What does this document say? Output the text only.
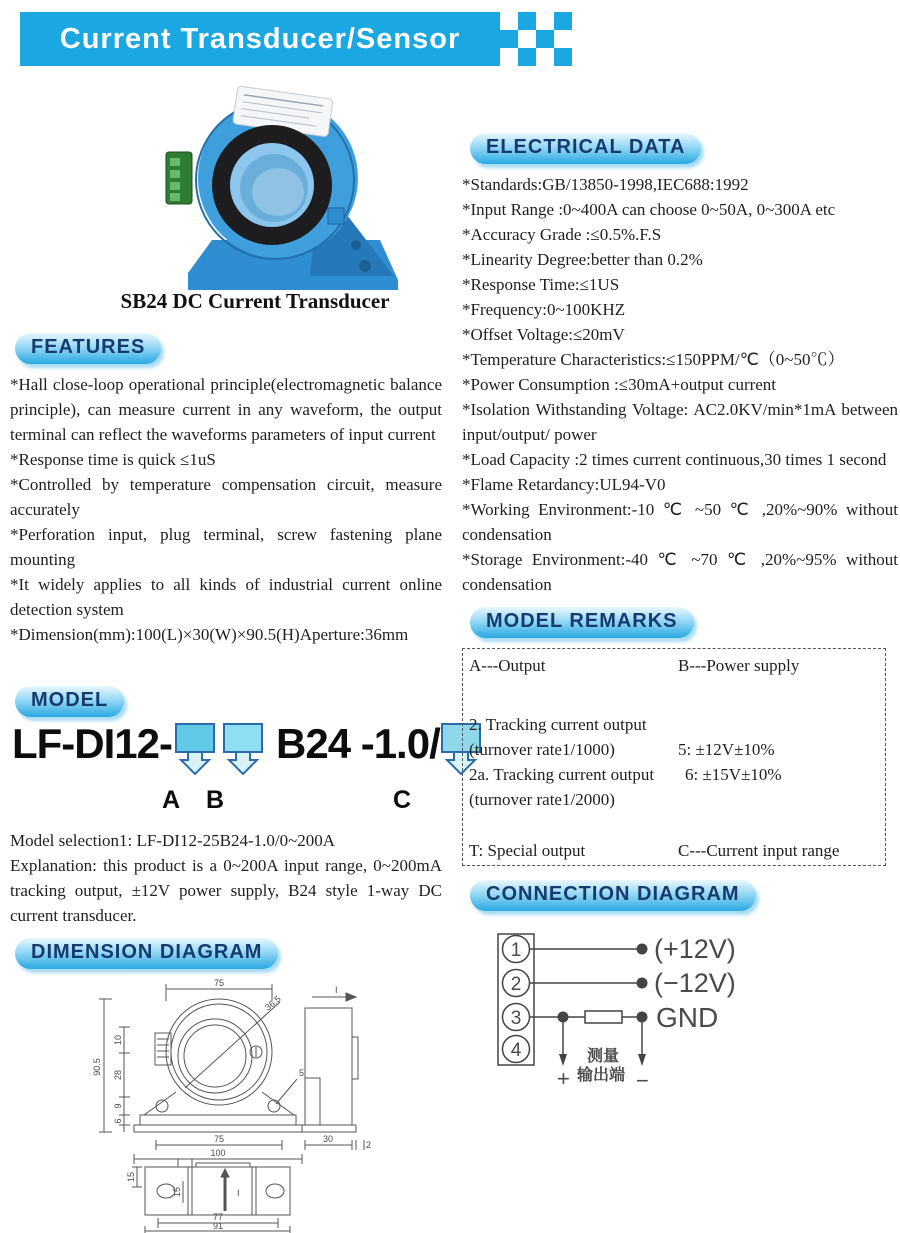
Current Transducer/Sensor
SB24 DC Current Transducer
FEATURES

*Hall close-loop operational principle(electromagnetic balance principle), can measure current in any waveform, the output terminal can reflect the waveforms parameters of input current

*Response time is quick ≤1uS

*Controlled by temperature compensation circuit, measure accurately

*Perforation input, plug terminal, screw fastening plane mounting

*It widely applies to all kinds of industrial current online detection system

*Dimension(mm):100(L)×30(W)×90.5(H)Aperture:36mm

MODEL
LF-DI12- B24 -1.0/
A B	C

Model selection1: LF-DI12-25B24-1.0/0~200A

Explanation: this product is a 0~200A input range, 0~200mA tracking output, ±12V power supply, B24 style 1-way DC current transducer.

DIMENSION DIAGRAM
75
36.5
90.5
10
28
9
6
75
100
5
I
30
2
15
15	I
77
91
ELECTRICAL DATA

*Standards:GB/13850-1998,IEC688:1992

*Input Range :0~400A can choose 0~50A, 0~300A etc

*Accuracy Grade :≤0.5%.F.S

*Linearity Degree:better than 0.2%

*Response Time:≤1US

*Frequency:0~100KHZ

*Offset Voltage:≤20mV

*Temperature Characteristics:≤150PPM/℃（0~50℃）

*Power Consumption :≤30mA+output current

*Isolation Withstanding Voltage: AC2.0KV/min*1mA between input/output/ power

*Load Capacity :2 times current continuous,30 times 1 second

*Flame Retardancy:UL94-V0

*Working Environment:-10 ℃ ~50 ℃ ,20%~90% without condensation

*Storage Environment:-40 ℃ ~70 ℃ ,20%~95% without condensation

MODEL REMARKS
A---Output	B---Power supply
2. Tracking current output
(turnover rate1/1000)	5: ±12V±10%
2a. Tracking current output 6: ±15V±10%
(turnover rate1/2000)
T: Special output	C---Current input range
CONNECTION DIAGRAM
1
2
3
4
(+12V)
(−12V)
GND
+	−
测量
输出端
